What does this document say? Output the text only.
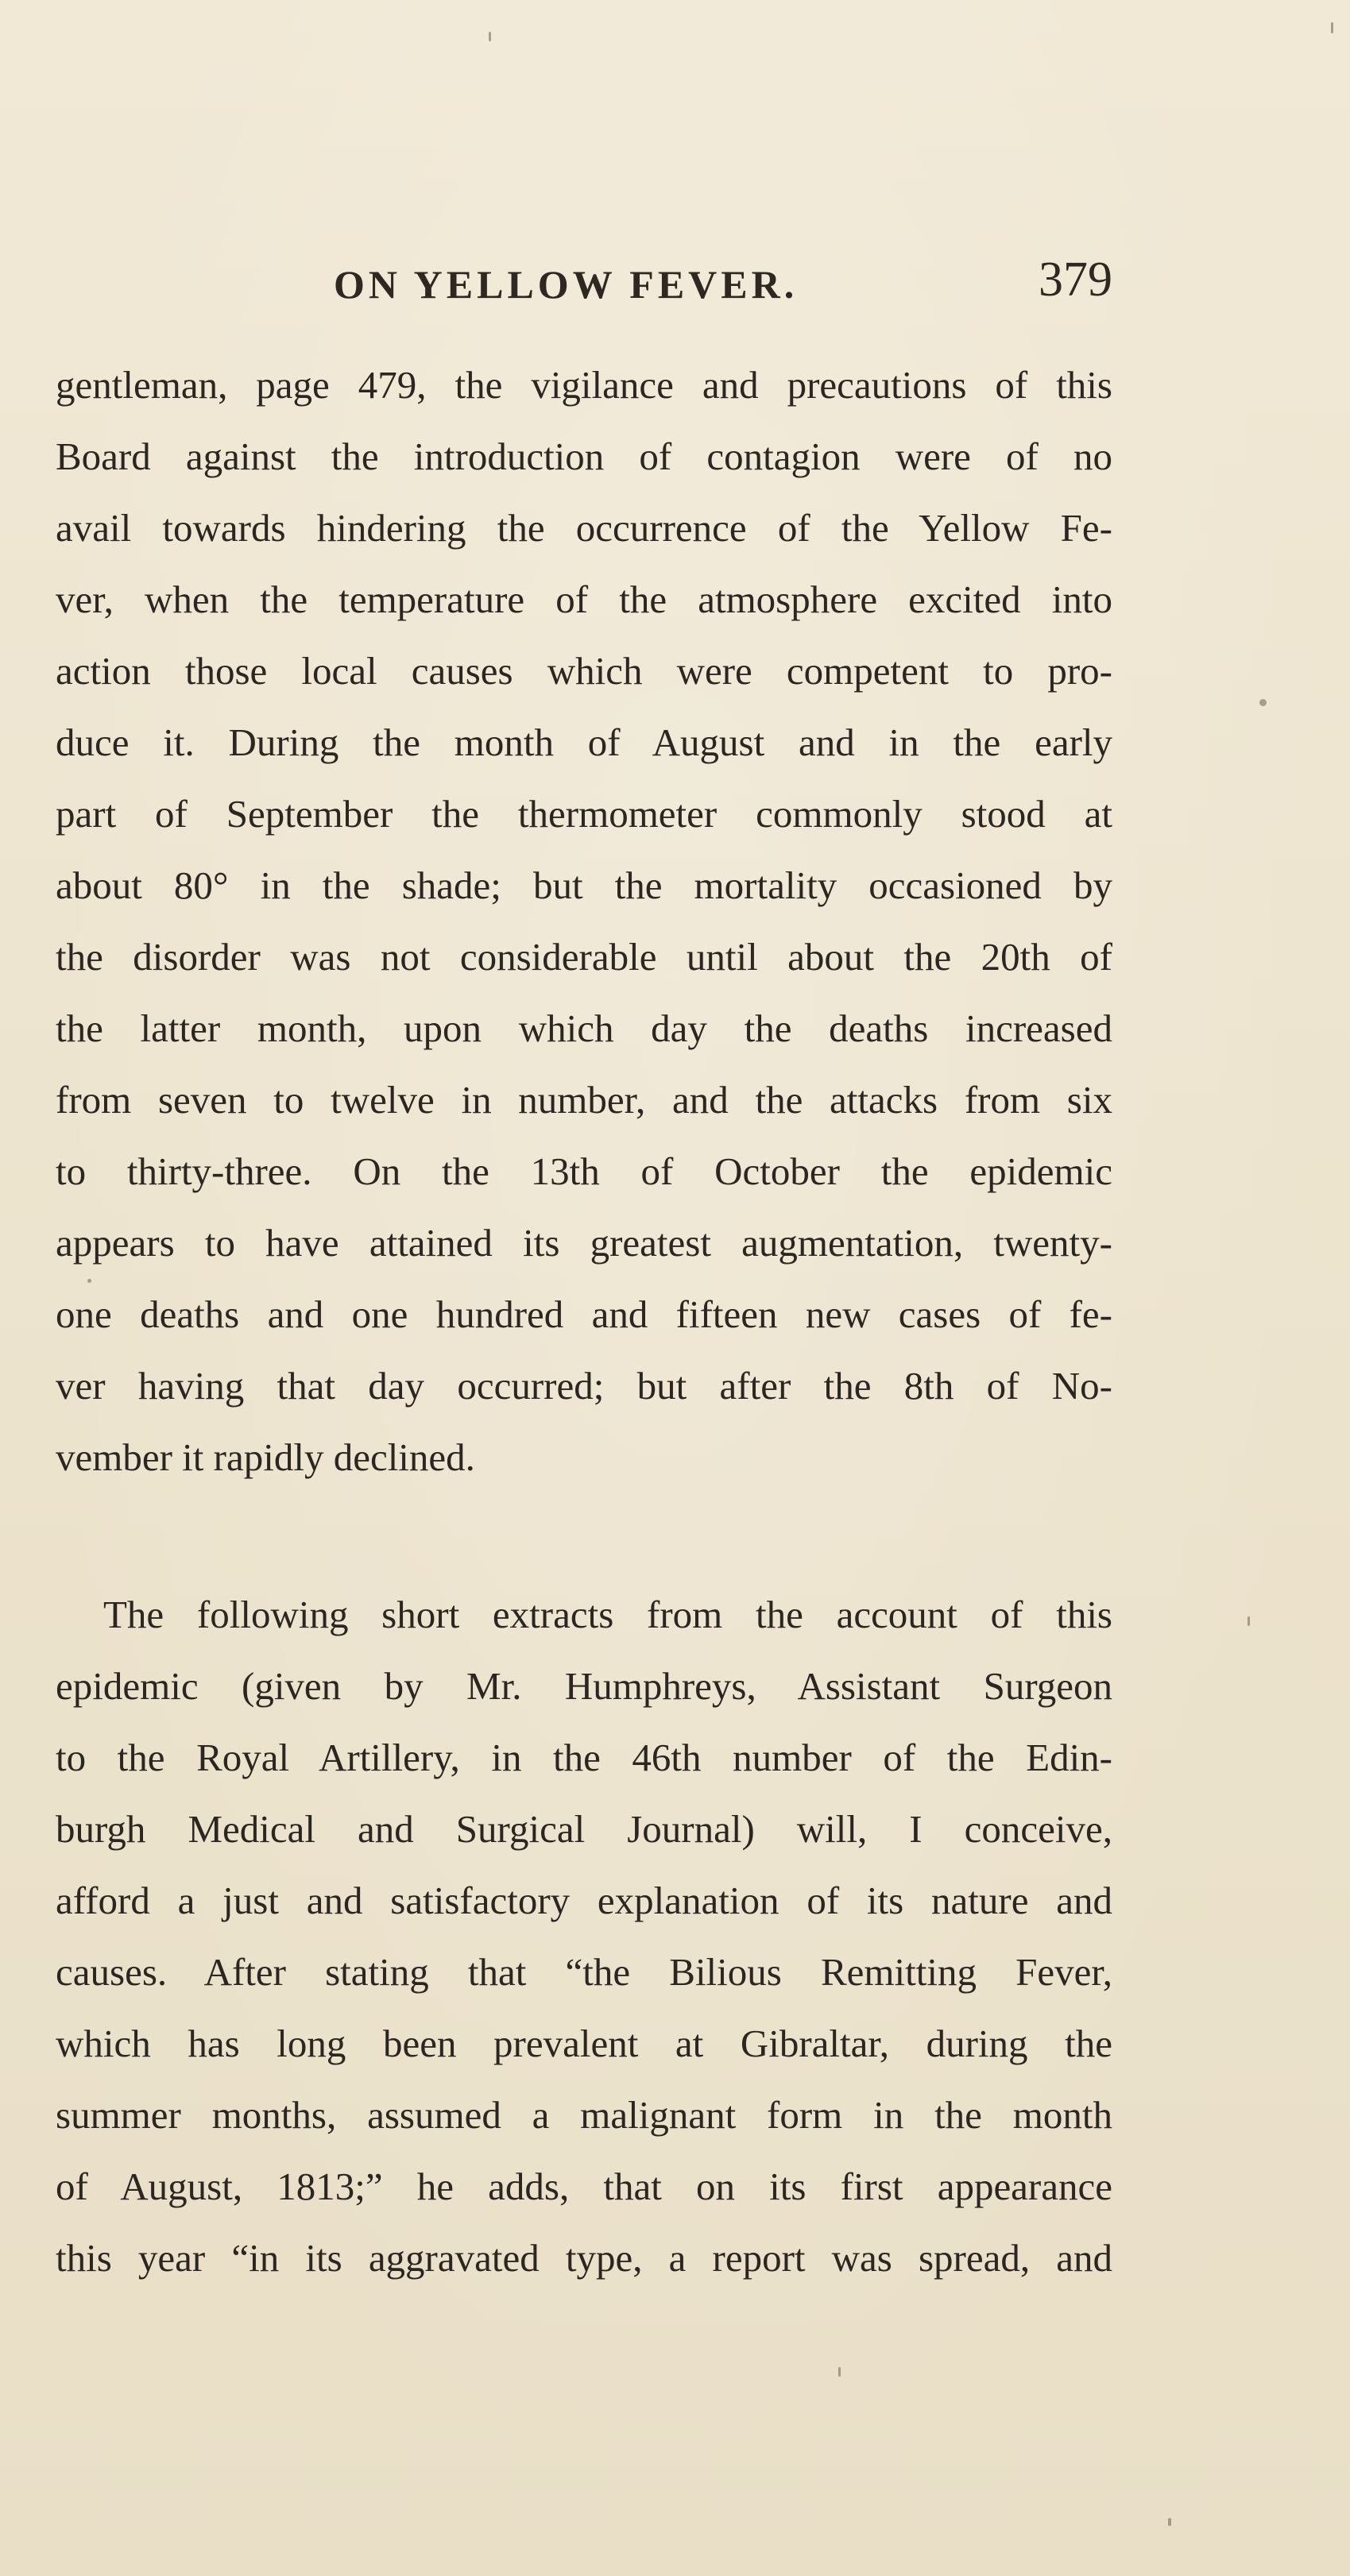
ON YELLOW FEVER.	379
gentleman, page 479, the vigilance and precautions of this
Board against the introduction of contagion were of no
avail towards hindering the occurrence of the Yellow Fe-
ver, when the temperature of the atmosphere excited into
action those local causes which were competent to pro-
duce it. During the month of August and in the early
part of September the thermometer commonly stood at
about 80° in the shade; but the mortality occasioned by
the disorder was not considerable until about the 20th of
the latter month, upon which day the deaths increased
from seven to twelve in number, and the attacks from six
to thirty-three. On the 13th of October the epidemic
appears to have attained its greatest augmentation, twenty-
one deaths and one hundred and fifteen new cases of fe-
ver having that day occurred; but after the 8th of No-
vember it rapidly declined.
The following short extracts from the account of this
epidemic (given by Mr. Humphreys, Assistant Surgeon
to the Royal Artillery, in the 46th number of the Edin-
burgh Medical and Surgical Journal) will, I conceive,
afford a just and satisfactory explanation of its nature and
causes. After stating that “the Bilious Remitting Fever,
which has long been prevalent at Gibraltar, during the
summer months, assumed a malignant form in the month
of August, 1813;” he adds, that on its first appearance
this year “in its aggravated type, a report was spread, and
